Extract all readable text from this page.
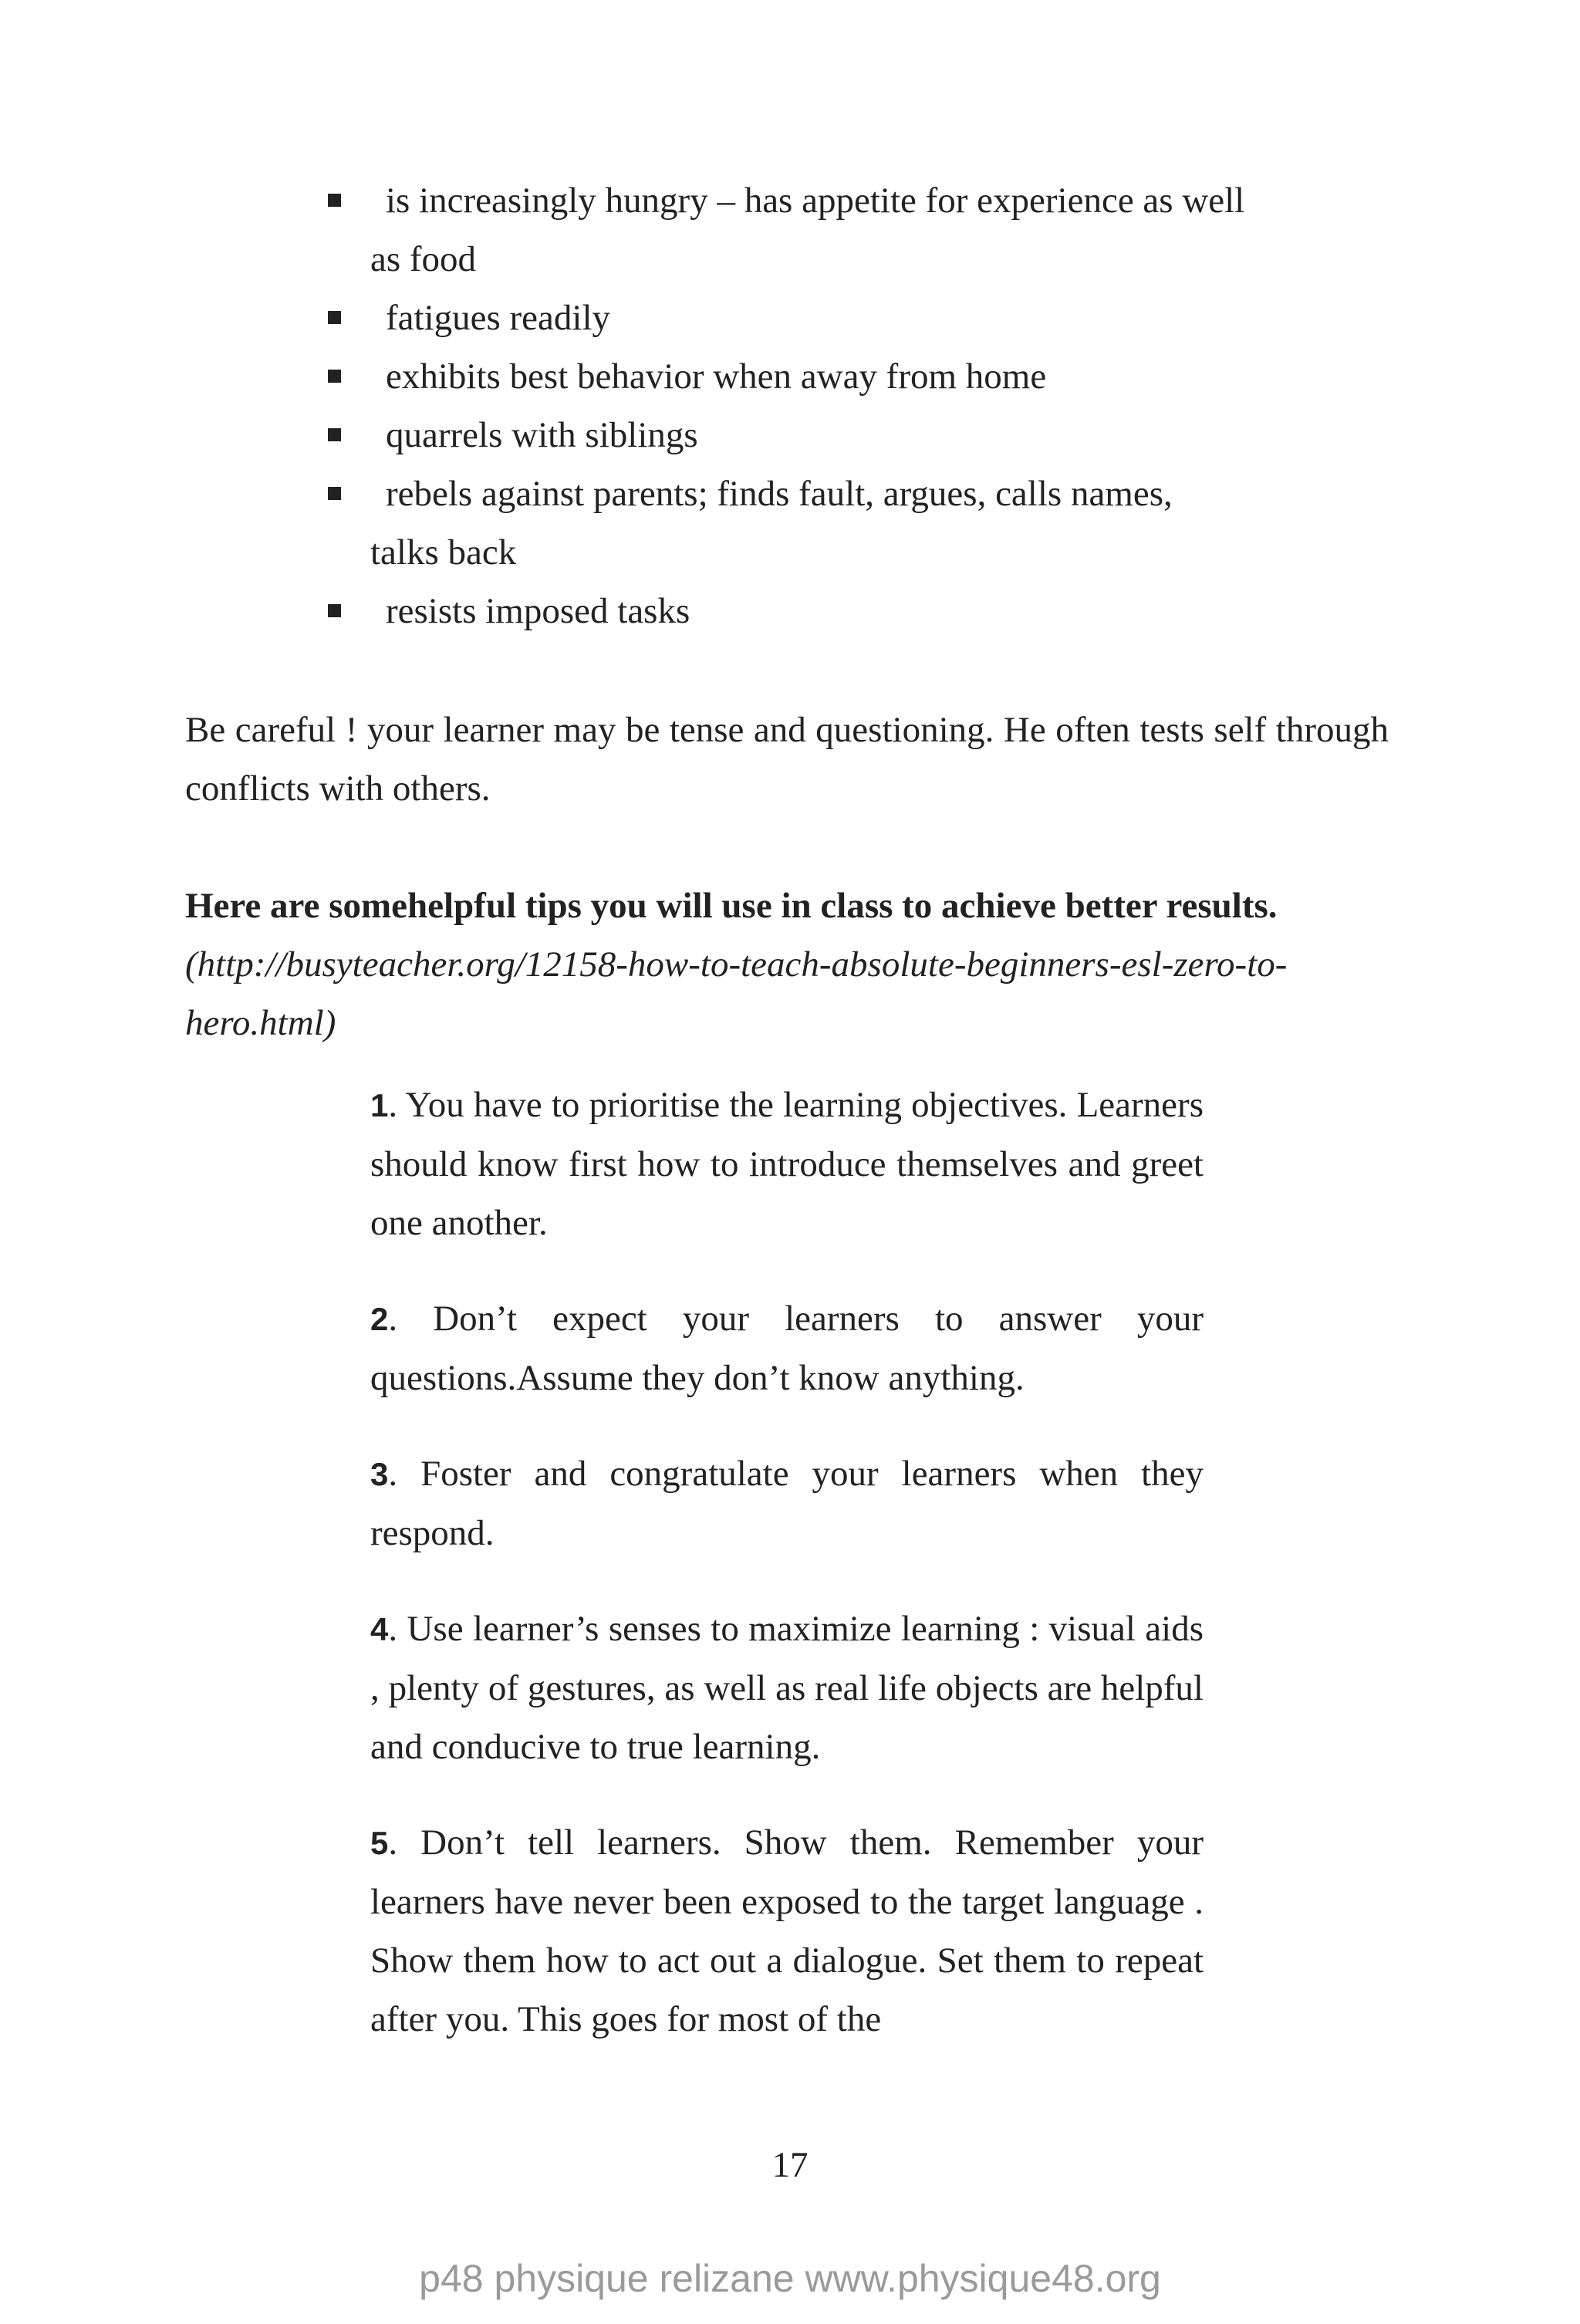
is increasingly hungry – has appetite for experience as well as food
fatigues readily
exhibits best behavior when away from home
quarrels with siblings
rebels against parents; finds fault, argues, calls names, talks back
resists imposed tasks

Be careful ! your learner may be tense and questioning. He often tests self through conflicts with others.

Here are somehelpful tips you will use in class to achieve better results.

(http://busyteacher.org/12158-how-to-teach-absolute-beginners-esl-zero-to-hero.html)

1. You have to prioritise the learning objectives. Learners should know first how to introduce themselves and greet one another.
2. Don’t expect your learners to answer your questions.Assume they don’t know anything.
3. Foster and congratulate your learners when they respond.
4. Use learner’s senses to maximize learning : visual aids , plenty of gestures, as well as real life objects are helpful and conducive to true learning.
5. Don’t tell learners. Show them. Remember your learners have never been exposed to the target language . Show them how to act out a dialogue. Set them to repeat after you. This goes for most of the
17
p48 physique relizane www.physique48.org
